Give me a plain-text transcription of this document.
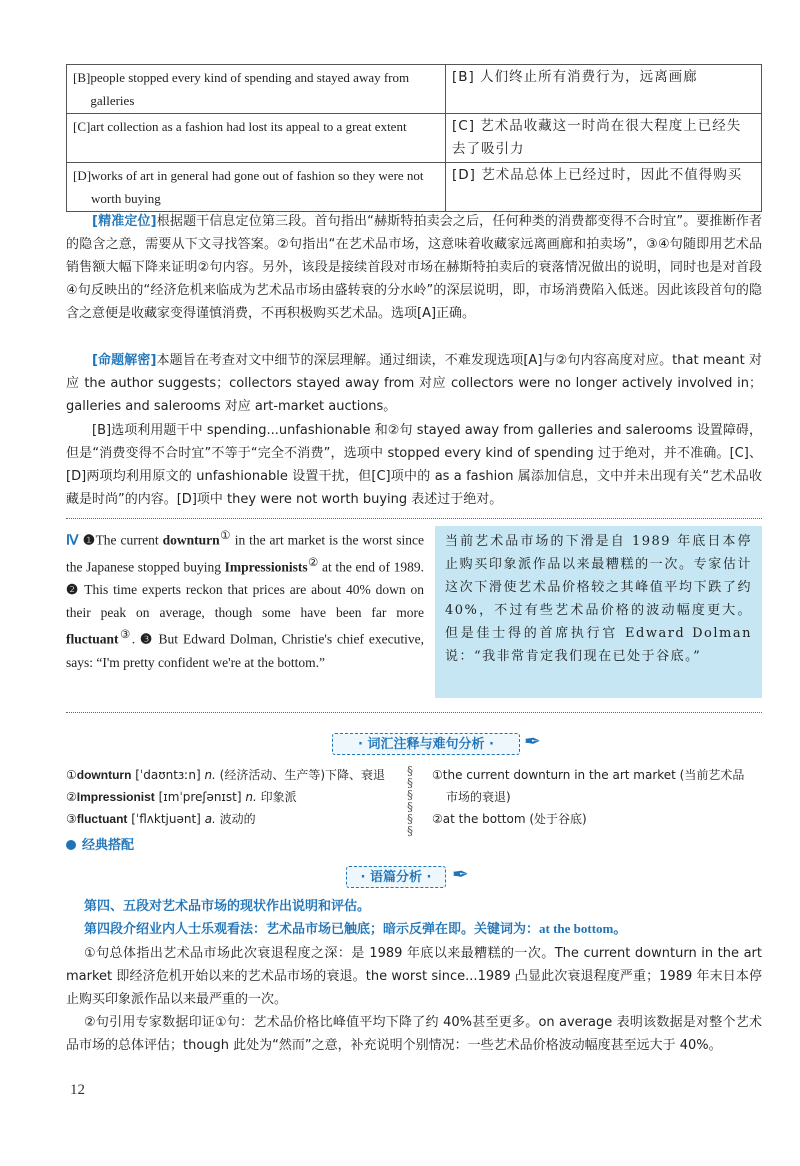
[B] people stopped every kind of spending and stayed away from galleries	[B] 人们终止所有消费行为，远离画廊

[C] art collection as a fashion had lost its appeal to a great extent	[C] 艺术品收藏这一时尚在很大程度上已经失去了吸引力

[D] works of art in general had gone out of fashion so they were not worth buying	[D] 艺术品总体上已经过时，因此不值得购买
[精准定位]根据题干信息定位第三段。首句指出“赫斯特拍卖会之后，任何种类的消费都变得不合时宜”。要推断作者的隐含之意，需要从下文寻找答案。②句指出“在艺术品市场，这意味着收藏家远离画廊和拍卖场”，③④句随即用艺术品销售额大幅下降来证明②句内容。另外，该段是接续首段对市场在赫斯特拍卖后的衰落情况做出的说明，同时也是对首段④句反映出的“经济危机来临成为艺术品市场由盛转衰的分水岭”的深层说明，即，市场消费陷入低迷。因此该段首句的隐含之意便是收藏家变得谨慎消费，不再积极购买艺术品。选项[A]正确。
[命题解密]本题旨在考查对文中细节的深层理解。通过细读，不难发现选项[A]与②句内容高度对应。that meant 对应 the author suggests；collectors stayed away from 对应 collectors were no longer actively involved in；galleries and salerooms 对应 art-market auctions。
[B]选项利用题干中 spending...unfashionable 和②句 stayed away from galleries and salerooms 设置障碍，但是“消费变得不合时宜”不等于“完全不消费”，选项中 stopped every kind of spending 过于绝对，并不准确。[C]、[D]两项均利用原文的 unfashionable 设置干扰，但[C]项中的 as a fashion 属添加信息，文中并未出现有关“艺术品收藏是时尚”的内容。[D]项中 they were not worth buying 表述过于绝对。
Ⅳ ❶The current downturn① in the art market is the worst since the Japanese stopped buying Impressionists② at the end of 1989. ❷ This time experts reckon that prices are about 40% down on their peak on average, though some have been far more fluctuant③. ❸ But Edward Dolman, Christie's chief executive, says: “I'm pretty confident we're at the bottom.”
当前艺术品市场的下滑是自 1989 年底日本停止购买印象派作品以来最糟糕的一次。专家估计这次下滑使艺术品价格较之其峰值平均下跌了约 40%，不过有些艺术品价格的波动幅度更大。但是佳士得的首席执行官 Edward Dolman 说：“我非常肯定我们现在已处于谷底。”
· 词汇注释与难句分析 ·	✒
①downturn [ˈdaʊntɜːn] n. (经济活动、生产等)下降、衰退
②Impressionist [ɪmˈpreʃənɪst] n. 印象派
③fluctuant [ˈflʌktjuənt] a. 波动的
§
§
§
§
§
§
①the current downturn in the art market (当前艺术品
市场的衰退)
②at the bottom (处于谷底)
经典搭配
· 语篇分析 ·	✒
第四、五段对艺术品市场的现状作出说明和评估。
第四段介绍业内人士乐观看法：艺术品市场已触底；暗示反弹在即。关键词为：at the bottom。
①句总体指出艺术品市场此次衰退程度之深：是 1989 年底以来最糟糕的一次。The current downturn in the art market 即经济危机开始以来的艺术品市场的衰退。the worst since...1989 凸显此次衰退程度严重；1989 年末日本停止购买印象派作品以来最严重的一次。
②句引用专家数据印证①句：艺术品价格比峰值平均下降了约 40%甚至更多。on average 表明该数据是对整个艺术品市场的总体评估；though 此处为“然而”之意，补充说明个别情况：一些艺术品价格波动幅度甚至远大于 40%。
12
